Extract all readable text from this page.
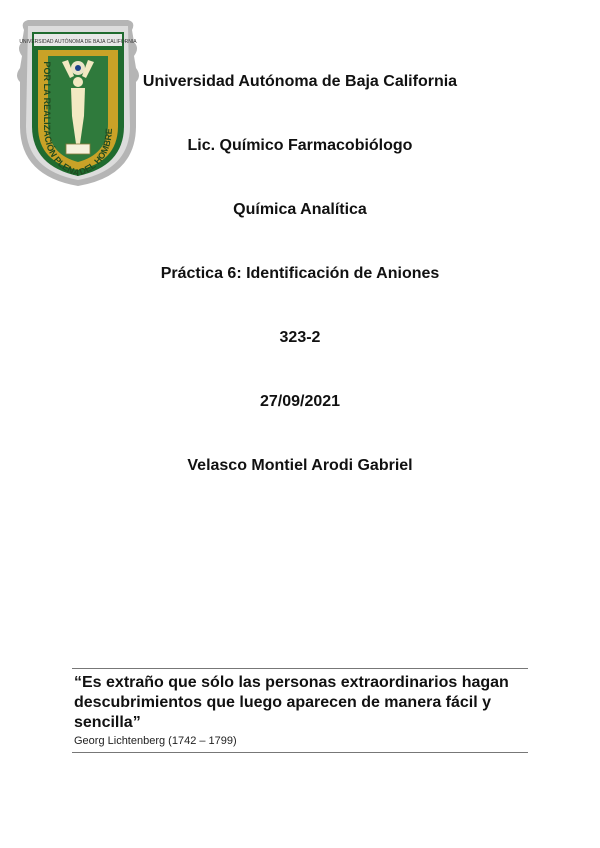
UNIVERSIDAD AUTÓNOMA DE BAJA CALIFORNIA
POR LA REALIZACIÓN PLENA DEL HOMBRE
Universidad Autónoma de Baja California
Lic. Químico Farmacobiólogo
Química Analítica
Práctica 6: Identificación de Aniones
323-2
27/09/2021
Velasco Montiel Arodi Gabriel
“Es extraño que sólo las personas extraordinarios hagan descubrimientos que luego aparecen de manera fácil y sencilla”
Georg Lichtenberg (1742 – 1799)
